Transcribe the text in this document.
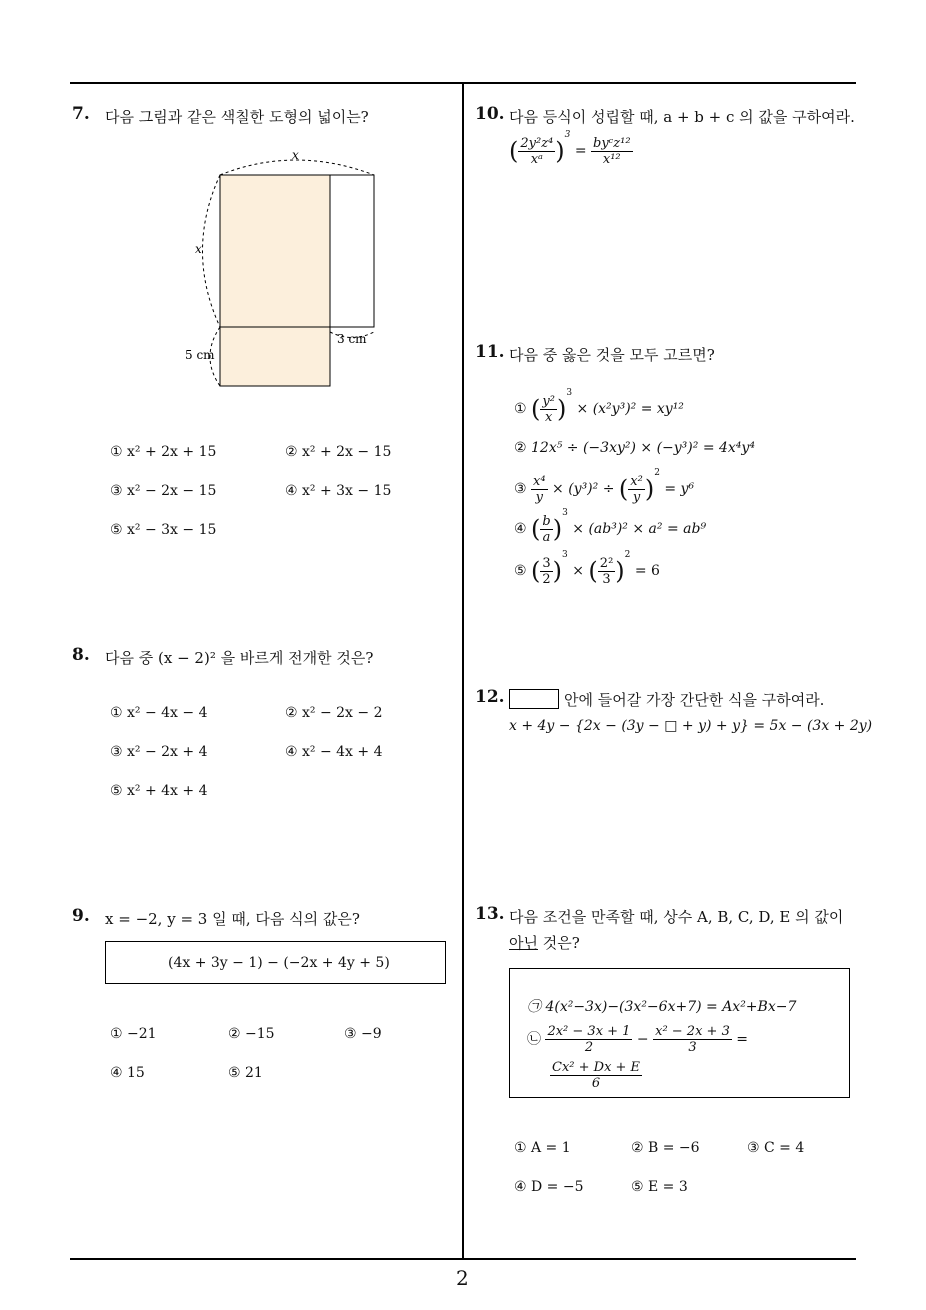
2
7. 다음 그림과 같은 색칠한 도형의 넓이는?
x
x
5 cm
3 cm
① x² + 2x + 15	② x² + 2x − 15
③ x² − 2x − 15	④ x² + 3x − 15
⑤ x² − 3x − 15
8. 다음 중 (x − 2)² 을 바르게 전개한 것은?
① x² − 4x − 4	② x² − 2x − 2
③ x² − 2x + 4	④ x² − 4x + 4
⑤ x² + 4x + 4
9. x = −2, y = 3 일 때, 다음 식의 값은?
(4x + 3y − 1) − (−2x + 4y + 5)
① −21	② −15	③ −9
④ 15	⑤ 21
10. 다음 등식이 성립할 때, a + b + c 의 값을 구하여라.
( $\frac{\text{2y²z⁴}}{\text{xᵃ}} )^3 = \frac{\text{byᶜz¹²}}{\text{x¹²}}$
11. 다음 중 옳은 것을 모두 고르면?
① ( $\frac{\text{y²}}{x} )^3 \times (x^2y^3)^2 = xy^{12}$
② 12x⁵ ÷ (−3xy²) × (−y³)² = 4x⁴y⁴
③ $\frac{\text{x⁴}}{y} \times (y^3)^2$ ÷ ( $\frac{\text{x²}}{y} )^2 = y^6$
④ ( $\frac{b}{a} )^3 \times (ab^3)^2 \times a^2 = ab^9$
⑤ ( $\frac{3}{2} )^3$ × ( $\frac{\text{2²}}{3} )^2 = 6$
12.	안에 들어갈 가장 간단한 식을 구하여라.
x + 4y − {2x − (3y − □ + y) + y} = 5x − (3x + 2y)
13. 다음 조건을 만족할 때, 상수 A, B, C, D, E 의 값이
아닌 것은?
㉠ 4(x²−3x)−(3x²−6x+7) = Ax²+Bx−7
㉡ $\frac{\text{2x² − 3x + 1}}{2} - \frac{\text{x² − 2x + 3}}{3}$ =
$\frac{\text{Cx² + Dx + E}}{6}$
① A = 1	② B = −6	③ C = 4
④ D = −5	⑤ E = 3
